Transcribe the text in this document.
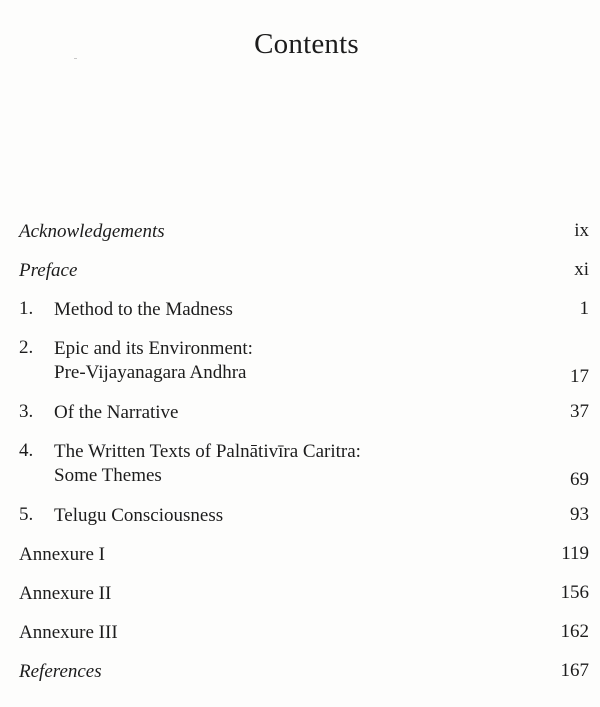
Contents
Acknowledgements	ix
Preface	xi
1. Method to the Madness	1
2. Epic and its Environment:
Pre-Vijayanagara Andhra	17
3. Of the Narrative	37
4. The Written Texts of Palnātivīra Caritra:
Some Themes	69
5. Telugu Consciousness	93
Annexure I	119
Annexure II	156
Annexure III	162
References	167
